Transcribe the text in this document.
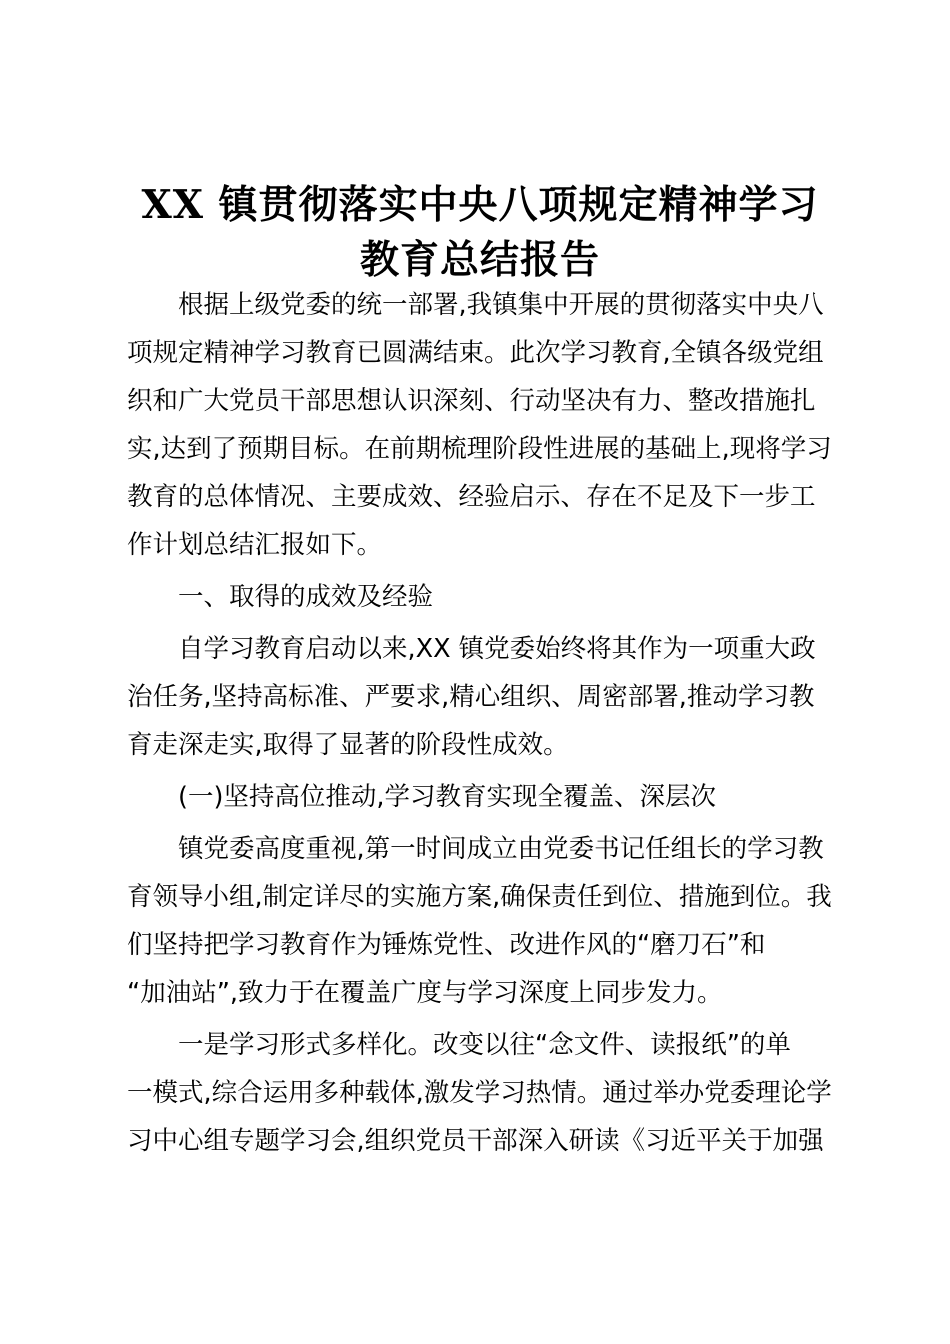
XX 镇贯彻落实中央八项规定精神学习
教育总结报告

根据上级党委的统一部署,我镇集中开展的贯彻落实中央八
项规定精神学习教育已圆满结束。此次学习教育,全镇各级党组
织和广大党员干部思想认识深刻、行动坚决有力、整改措施扎
实,达到了预期目标。在前期梳理阶段性进展的基础上,现将学习
教育的总体情况、主要成效、经验启示、存在不足及下一步工
作计划总结汇报如下。

一、取得的成效及经验

自学习教育启动以来,XX 镇党委始终将其作为一项重大政
治任务,坚持高标准、严要求,精心组织、周密部署,推动学习教
育走深走实,取得了显著的阶段性成效。

(一)坚持高位推动,学习教育实现全覆盖、深层次

镇党委高度重视,第一时间成立由党委书记任组长的学习教
育领导小组,制定详尽的实施方案,确保责任到位、措施到位。我
们坚持把学习教育作为锤炼党性、改进作风的“磨刀石”和
“加油站”,致力于在覆盖广度与学习深度上同步发力。

一是学习形式多样化。改变以往“念文件、读报纸”的单
一模式,综合运用多种载体,激发学习热情。通过举办党委理论学
习中心组专题学习会,组织党员干部深入研读《习近平关于加强
